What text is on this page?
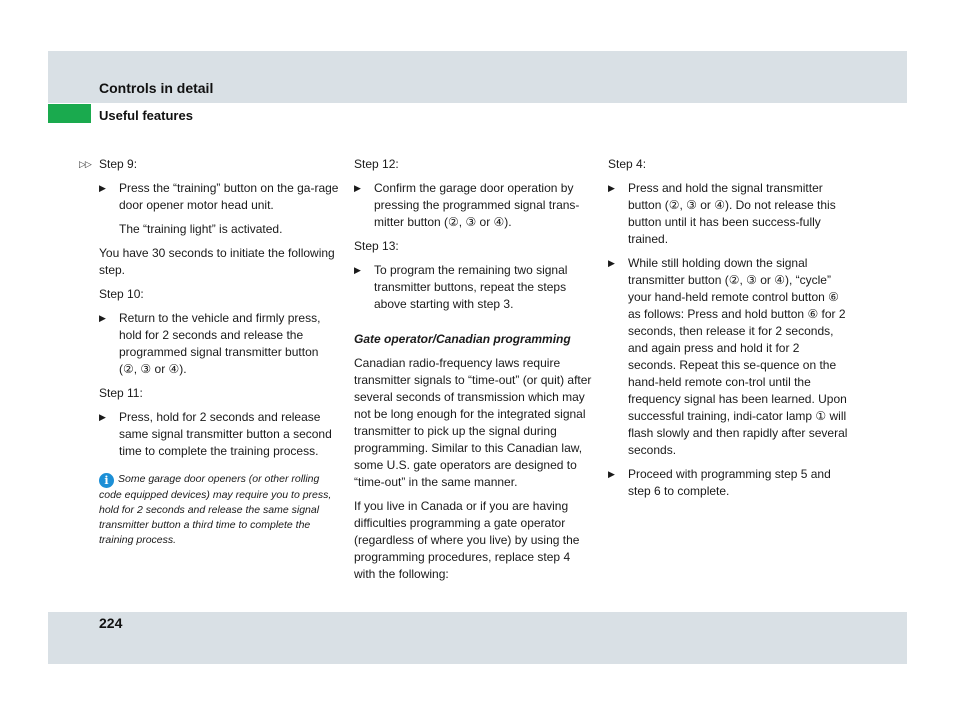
Controls in detail
Useful features
▷▷ Step 9:
▶	Press the “training” button on the ga-rage door opener motor head unit.
The “training light” is activated.
You have 30 seconds to initiate the following step.
Step 10:
▶	Return to the vehicle and firmly press, hold for 2 seconds and release the programmed signal transmitter button (②, ③ or ④).
Step 11:
▶	Press, hold for 2 seconds and release same signal transmitter button a second time to complete the training process.
i Some garage door openers (or other rolling code equipped devices) may require you to press, hold for 2 seconds and release the same signal transmitter button a third time to complete the training process.
Step 12:
▶	Confirm the garage door operation by pressing the programmed signal trans-mitter button (②, ③ or ④).
Step 13:
▶	To program the remaining two signal transmitter buttons, repeat the steps above starting with step 3.
Gate operator/Canadian programming
Canadian radio-frequency laws require transmitter signals to “time-out” (or quit) after several seconds of transmission which may not be long enough for the integrated signal transmitter to pick up the signal during programming. Similar to this Canadian law, some U.S. gate operators are designed to “time-out” in the same manner.
If you live in Canada or if you are having difficulties programming a gate operator (regardless of where you live) by using the programming procedures, replace step 4 with the following:
Step 4:
▶	Press and hold the signal transmitter button (②, ③ or ④). Do not release this button until it has been success-fully trained.
▶	While still holding down the signal transmitter button (②, ③ or ④), “cycle” your hand-held remote control button ⑥ as follows: Press and hold button ⑥ for 2 seconds, then release it for 2 seconds, and again press and hold it for 2 seconds. Repeat this se-quence on the hand-held remote con-trol until the frequency signal has been learned. Upon successful training, indi-cator lamp ① will flash slowly and then rapidly after several seconds.
▶	Proceed with programming step 5 and step 6 to complete.
224
